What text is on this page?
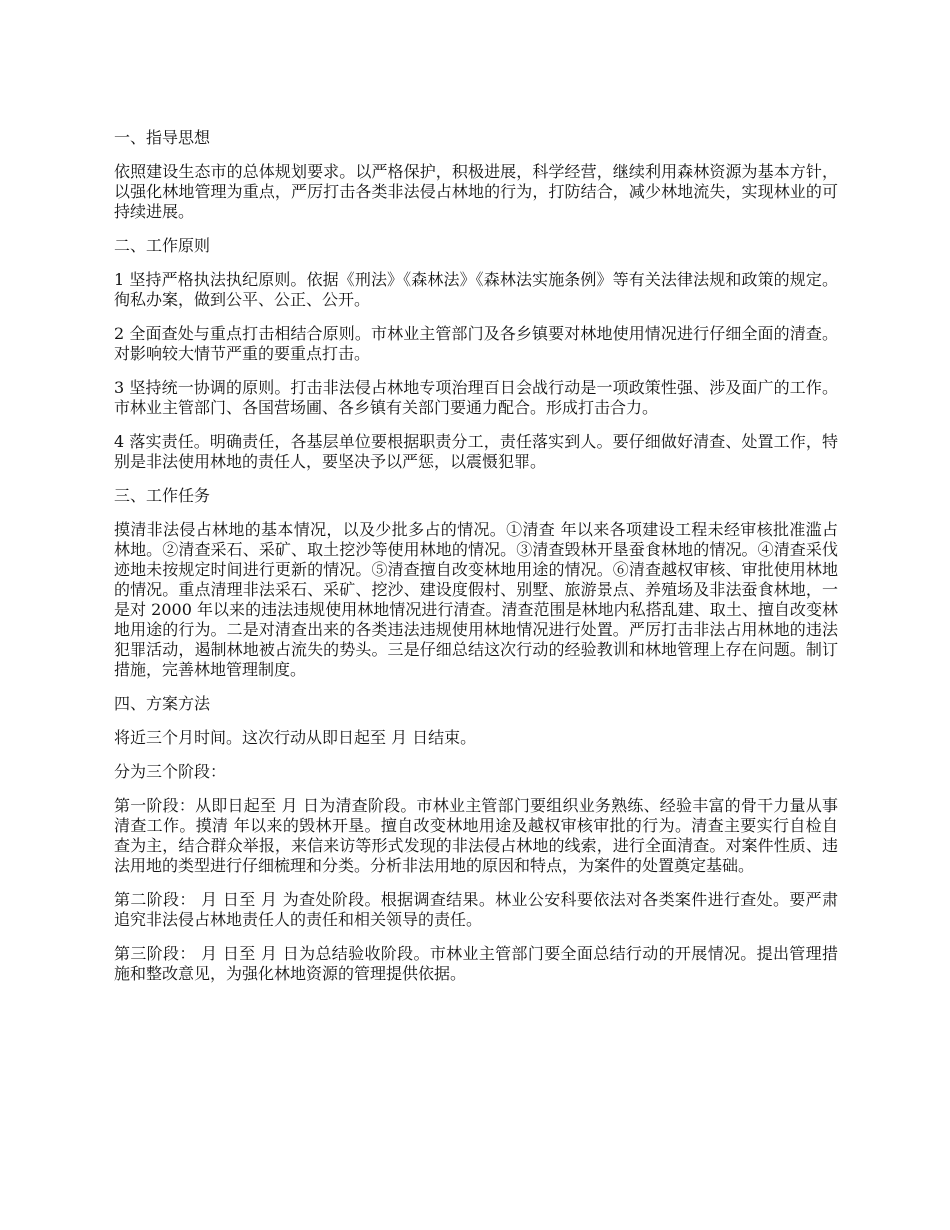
一、指导思想

依照建设生态市的总体规划要求。以严格保护，积极进展，科学经营，继续利用森林资源为基本方针，以强化林地管理为重点，严厉打击各类非法侵占林地的行为，打防结合，减少林地流失，实现林业的可持续进展。

二、工作原则

1 坚持严格执法执纪原则。依据《刑法》《森林法》《森林法实施条例》等有关法律法规和政策的规定。徇私办案，做到公平、公正、公开。

2 全面查处与重点打击相结合原则。市林业主管部门及各乡镇要对林地使用情况进行仔细全面的清查。对影响较大情节严重的要重点打击。

3 坚持统一协调的原则。打击非法侵占林地专项治理百日会战行动是一项政策性强、涉及面广的工作。市林业主管部门、各国营场圃、各乡镇有关部门要通力配合。形成打击合力。

4 落实责任。明确责任，各基层单位要根据职责分工，责任落实到人。要仔细做好清查、处置工作，特别是非法使用林地的责任人，要坚决予以严惩，以震慑犯罪。

三、工作任务

摸清非法侵占林地的基本情况，以及少批多占的情况。①清查 年以来各项建设工程未经审核批准滥占林地。②清查采石、采矿、取土挖沙等使用林地的情况。③清查毁林开垦蚕食林地的情况。④清查采伐迹地未按规定时间进行更新的情况。⑤清查擅自改变林地用途的情况。⑥清查越权审核、审批使用林地的情况。重点清理非法采石、采矿、挖沙、建设度假村、别墅、旅游景点、养殖场及非法蚕食林地，一是对 2000 年以来的违法违规使用林地情况进行清查。清查范围是林地内私搭乱建、取土、擅自改变林地用途的行为。二是对清查出来的各类违法违规使用林地情况进行处置。严厉打击非法占用林地的违法犯罪活动，遏制林地被占流失的势头。三是仔细总结这次行动的经验教训和林地管理上存在问题。制订措施，完善林地管理制度。

四、方案方法

将近三个月时间。这次行动从即日起至 月 日结束。

分为三个阶段：

第一阶段：从即日起至 月 日为清查阶段。市林业主管部门要组织业务熟练、经验丰富的骨干力量从事清查工作。摸清 年以来的毁林开垦。擅自改变林地用途及越权审核审批的行为。清查主要实行自检自查为主，结合群众举报，来信来访等形式发现的非法侵占林地的线索，进行全面清查。对案件性质、违法用地的类型进行仔细梳理和分类。分析非法用地的原因和特点，为案件的处置奠定基础。

第二阶段： 月 日至 月 为查处阶段。根据调查结果。林业公安科要依法对各类案件进行查处。要严肃追究非法侵占林地责任人的责任和相关领导的责任。

第三阶段： 月 日至 月 日为总结验收阶段。市林业主管部门要全面总结行动的开展情况。提出管理措施和整改意见，为强化林地资源的管理提供依据。
